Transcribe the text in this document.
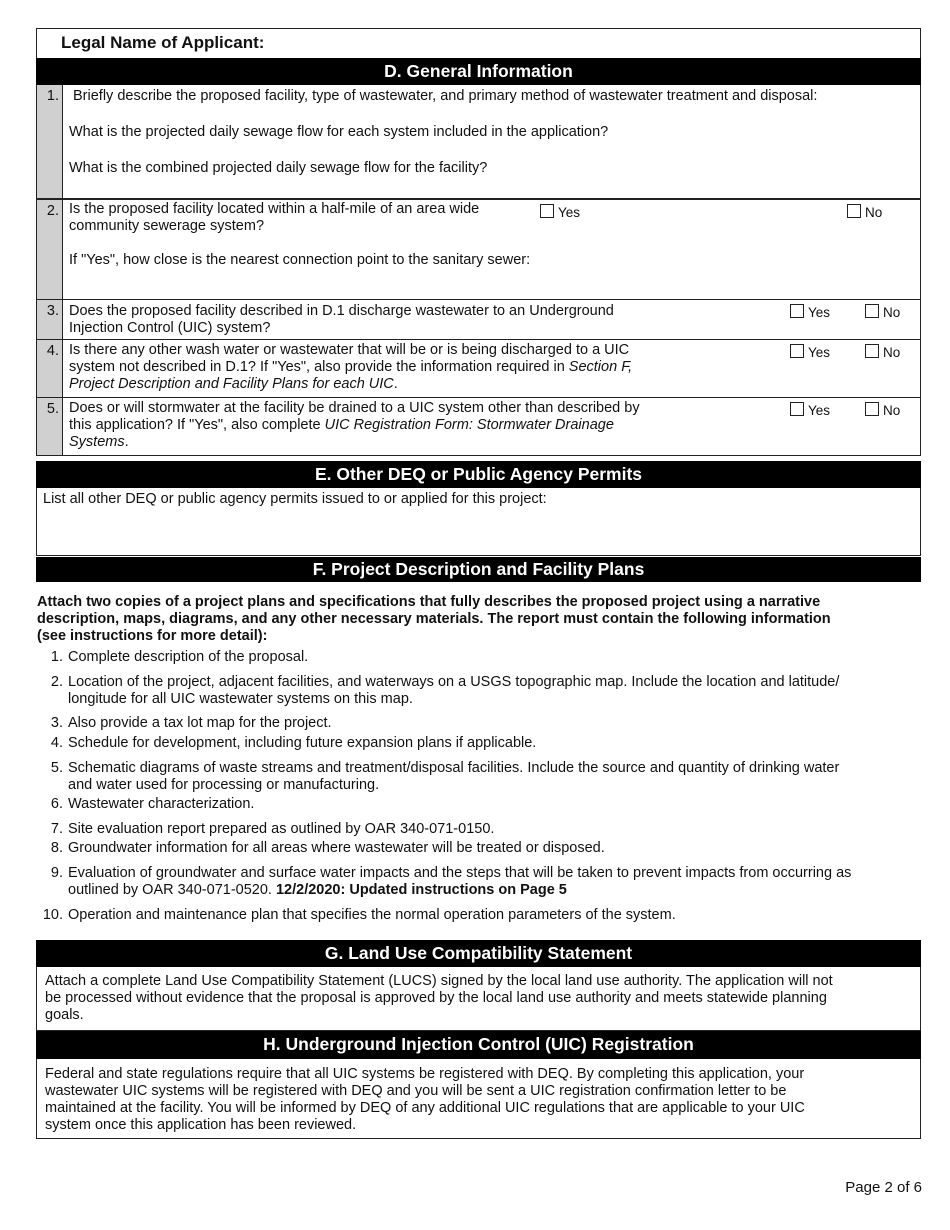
Legal Name of Applicant:
D. General Information
1. Briefly describe the proposed facility, type of wastewater, and primary method of wastewater treatment and disposal:
What is the projected daily sewage flow for each system included in the application?
What is the combined projected daily sewage flow for the facility?
2. Is the proposed facility located within a half-mile of an area wide
community sewerage system?
Yes	No
If "Yes", how close is the nearest connection point to the sanitary sewer:
3. Does the proposed facility described in D.1 discharge wastewater to an Underground
Injection Control (UIC) system?
Yes	No
4. Is there any other wash water or wastewater that will be or is being discharged to a UIC
system not described in D.1? If "Yes", also provide the information required in Section F,
Project Description and Facility Plans for each UIC.
Yes	No
5. Does or will stormwater at the facility be drained to a UIC system other than described by
this application? If "Yes", also complete UIC Registration Form: Stormwater Drainage
Systems.
Yes	No
E. Other DEQ or Public Agency Permits

List all other DEQ or public agency permits issued to or applied for this project:

F. Project Description and Facility Plans
Attach two copies of a project plans and specifications that fully describes the proposed project using a narrative
description, maps, diagrams, and any other necessary materials. The report must contain the following information
(see instructions for more detail):
1. Complete description of the proposal.
2. Location of the project, adjacent facilities, and waterways on a USGS topographic map. Include the location and latitude/
longitude for all UIC wastewater systems on this map.
3. Also provide a tax lot map for the project.
4. Schedule for development, including future expansion plans if applicable.
5. Schematic diagrams of waste streams and treatment/disposal facilities. Include the source and quantity of drinking water
and water used for processing or manufacturing.
6. Wastewater characterization.
7. Site evaluation report prepared as outlined by OAR 340-071-0150.
8. Groundwater information for all areas where wastewater will be treated or disposed.
9. Evaluation of groundwater and surface water impacts and the steps that will be taken to prevent impacts from occurring as
outlined by OAR 340-071-0520. 12/2/2020: Updated instructions on Page 5
10. Operation and maintenance plan that specifies the normal operation parameters of the system.
G. Land Use Compatibility Statement
Attach a complete Land Use Compatibility Statement (LUCS) signed by the local land use authority. The application will not
be processed without evidence that the proposal is approved by the local land use authority and meets statewide planning
goals.
H. Underground Injection Control (UIC) Registration
Federal and state regulations require that all UIC systems be registered with DEQ. By completing this application, your
wastewater UIC systems will be registered with DEQ and you will be sent a UIC registration confirmation letter to be
maintained at the facility. You will be informed by DEQ of any additional UIC regulations that are applicable to your UIC
system once this application has been reviewed.
Page 2 of 6
